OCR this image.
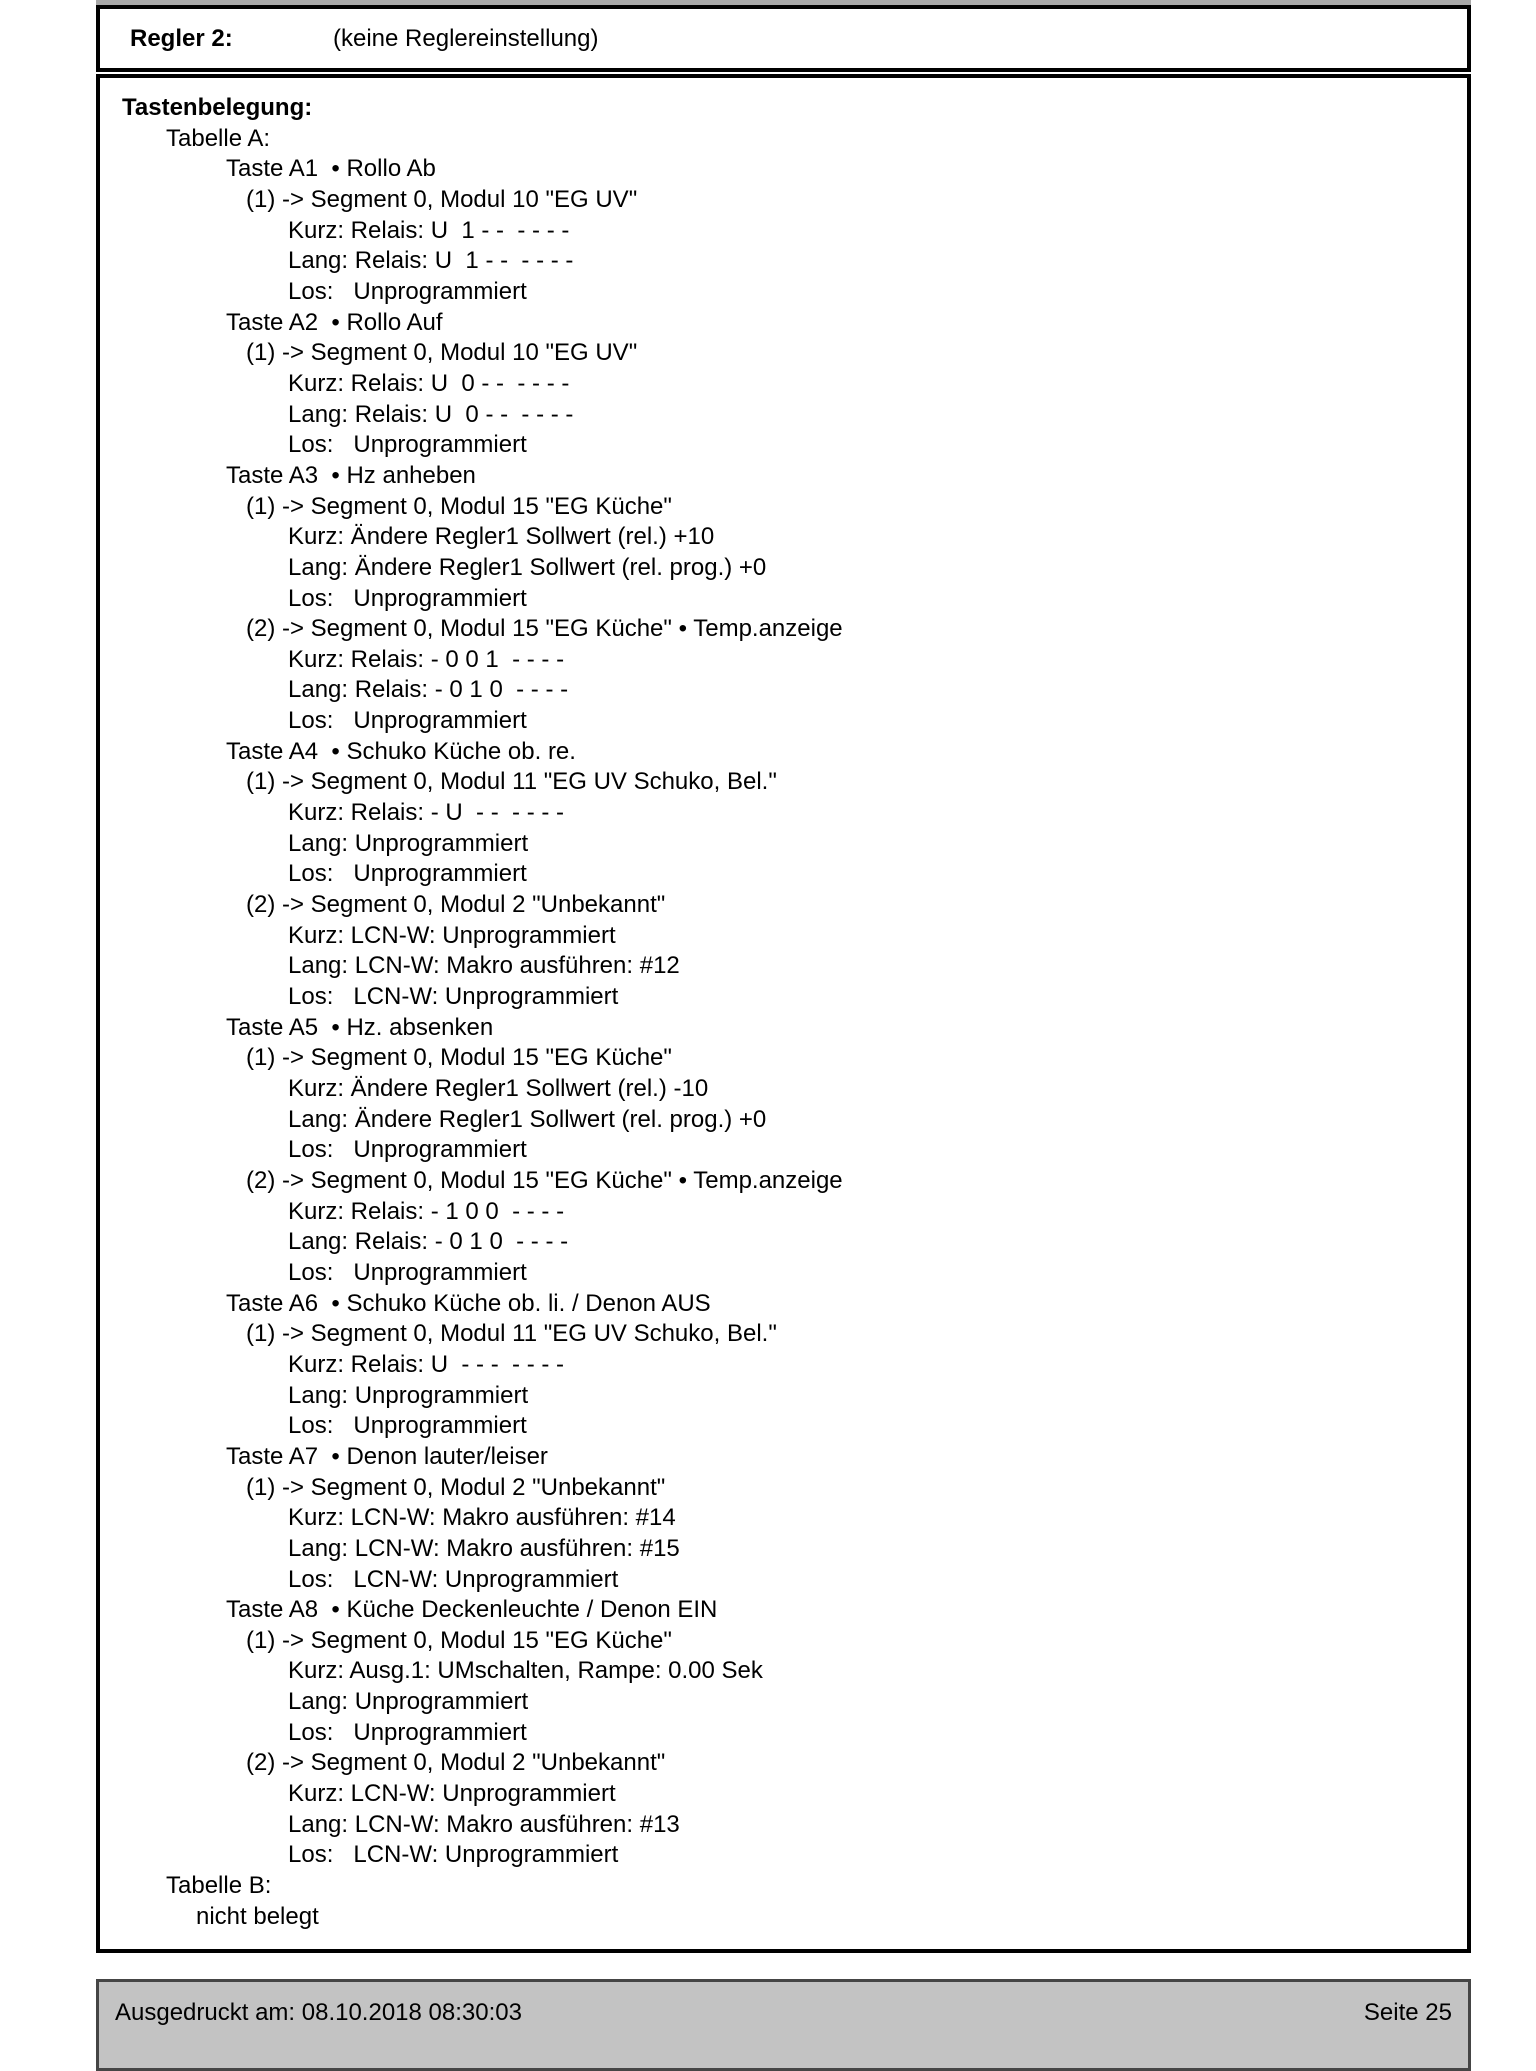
Regler 2:	(keine Reglereinstellung)
Tastenbelegung:
Tabelle A:
Taste A1  • Rollo Ab
(1) -> Segment 0, Modul 10 "EG UV"
Kurz: Relais: U  1 - -  - - - -
Lang: Relais: U  1 - -  - - - -
Los:   Unprogrammiert
Taste A2  • Rollo Auf
(1) -> Segment 0, Modul 10 "EG UV"
Kurz: Relais: U  0 - -  - - - -
Lang: Relais: U  0 - -  - - - -
Los:   Unprogrammiert
Taste A3  • Hz anheben
(1) -> Segment 0, Modul 15 "EG Küche"
Kurz: Ändere Regler1 Sollwert (rel.) +10
Lang: Ändere Regler1 Sollwert (rel. prog.) +0
Los:   Unprogrammiert
(2) -> Segment 0, Modul 15 "EG Küche" • Temp.anzeige
Kurz: Relais: - 0 0 1  - - - -
Lang: Relais: - 0 1 0  - - - -
Los:   Unprogrammiert
Taste A4  • Schuko Küche ob. re.
(1) -> Segment 0, Modul 11 "EG UV Schuko, Bel."
Kurz: Relais: - U  - -  - - - -
Lang: Unprogrammiert
Los:   Unprogrammiert
(2) -> Segment 0, Modul 2 "Unbekannt"
Kurz: LCN-W: Unprogrammiert
Lang: LCN-W: Makro ausführen: #12
Los:   LCN-W: Unprogrammiert
Taste A5  • Hz. absenken
(1) -> Segment 0, Modul 15 "EG Küche"
Kurz: Ändere Regler1 Sollwert (rel.) -10
Lang: Ändere Regler1 Sollwert (rel. prog.) +0
Los:   Unprogrammiert
(2) -> Segment 0, Modul 15 "EG Küche" • Temp.anzeige
Kurz: Relais: - 1 0 0  - - - -
Lang: Relais: - 0 1 0  - - - -
Los:   Unprogrammiert
Taste A6  • Schuko Küche ob. li. / Denon AUS
(1) -> Segment 0, Modul 11 "EG UV Schuko, Bel."
Kurz: Relais: U  - - -  - - - -
Lang: Unprogrammiert
Los:   Unprogrammiert
Taste A7  • Denon lauter/leiser
(1) -> Segment 0, Modul 2 "Unbekannt"
Kurz: LCN-W: Makro ausführen: #14
Lang: LCN-W: Makro ausführen: #15
Los:   LCN-W: Unprogrammiert
Taste A8  • Küche Deckenleuchte / Denon EIN
(1) -> Segment 0, Modul 15 "EG Küche"
Kurz: Ausg.1: UMschalten, Rampe: 0.00 Sek
Lang: Unprogrammiert
Los:   Unprogrammiert
(2) -> Segment 0, Modul 2 "Unbekannt"
Kurz: LCN-W: Unprogrammiert
Lang: LCN-W: Makro ausführen: #13
Los:   LCN-W: Unprogrammiert
Tabelle B:
nicht belegt
Ausgedruckt am: 08.10.2018 08:30:03	Seite 25
